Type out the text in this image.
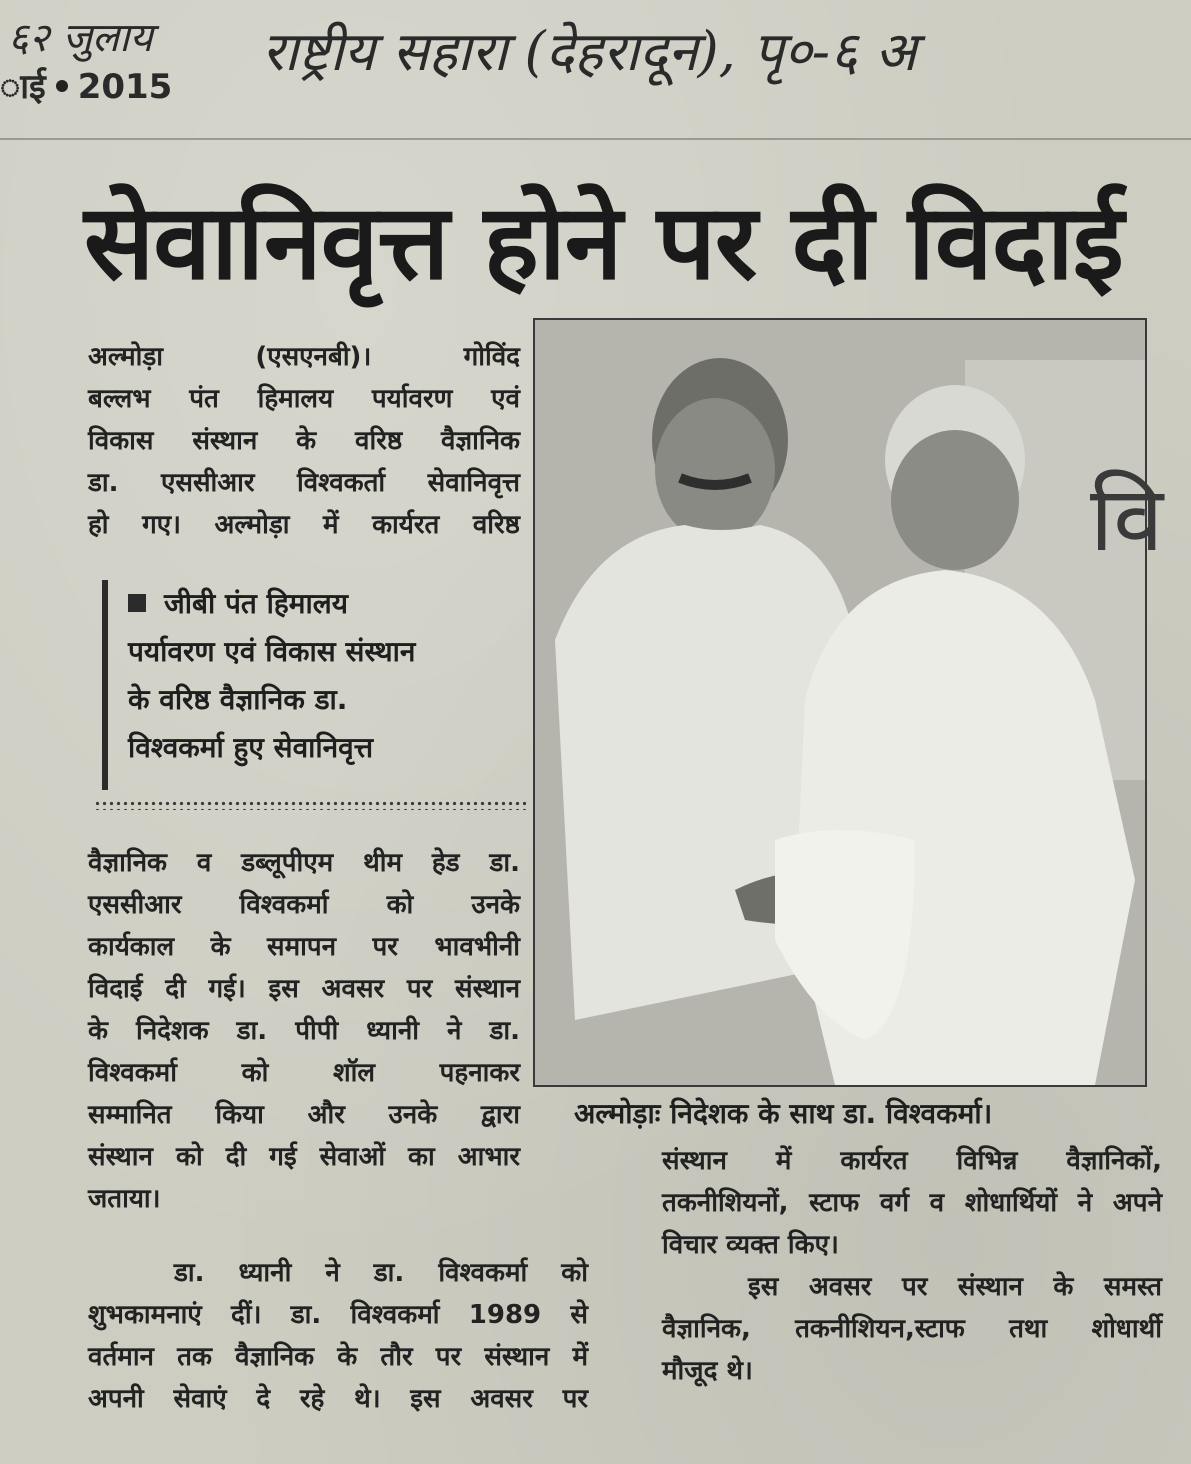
६२ जुलाय
ाई 2015
राष्ट्रीय सहारा (देहरादून), पृ०-६ अ
सेवानिवृत्त होने पर दी विदाई

अल्मोड़ा (एसएनबी)। गोविंद

बल्लभ पंत हिमालय पर्यावरण एवं

विकास संस्थान के वरिष्ठ वैज्ञानिक

डा. एससीआर विश्वकर्ता सेवानिवृत्त

हो गए। अल्मोड़ा में कार्यरत वरिष्ठ

जीबी पंत हिमालय
पर्यावरण एवं विकास संस्थान
के वरिष्ठ वैज्ञानिक डा.
विश्वकर्मा हुए सेवानिवृत्त

वैज्ञानिक व डब्लूपीएम थीम हेड डा.

एससीआर विश्वकर्मा को उनके

कार्यकाल के समापन पर भावभीनी

विदाई दी गई। इस अवसर पर संस्थान

के निदेशक डा. पीपी ध्यानी ने डा.

विश्वकर्मा को शॉल पहनाकर

सम्मानित किया और उनके द्वारा

संस्थान को दी गई सेवाओं का आभार

जताया।

डा. ध्यानी ने डा. विश्वकर्मा को

शुभकामनाएं दीं। डा. विश्वकर्मा 1989 से

वर्तमान तक वैज्ञानिक के तौर पर संस्थान में

अपनी सेवाएं दे रहे थे। इस अवसर पर

वि
अल्मोड़ाः निदेशक के साथ डा. विश्वकर्मा।

संस्थान में कार्यरत विभिन्न वैज्ञानिकों,

तकनीशियनों, स्टाफ वर्ग व शोधार्थियों ने अपने

विचार व्यक्त किए।

इस अवसर पर संस्थान के समस्त

वैज्ञानिक, तकनीशियन,स्टाफ तथा शोधार्थी

मौजूद थे।
